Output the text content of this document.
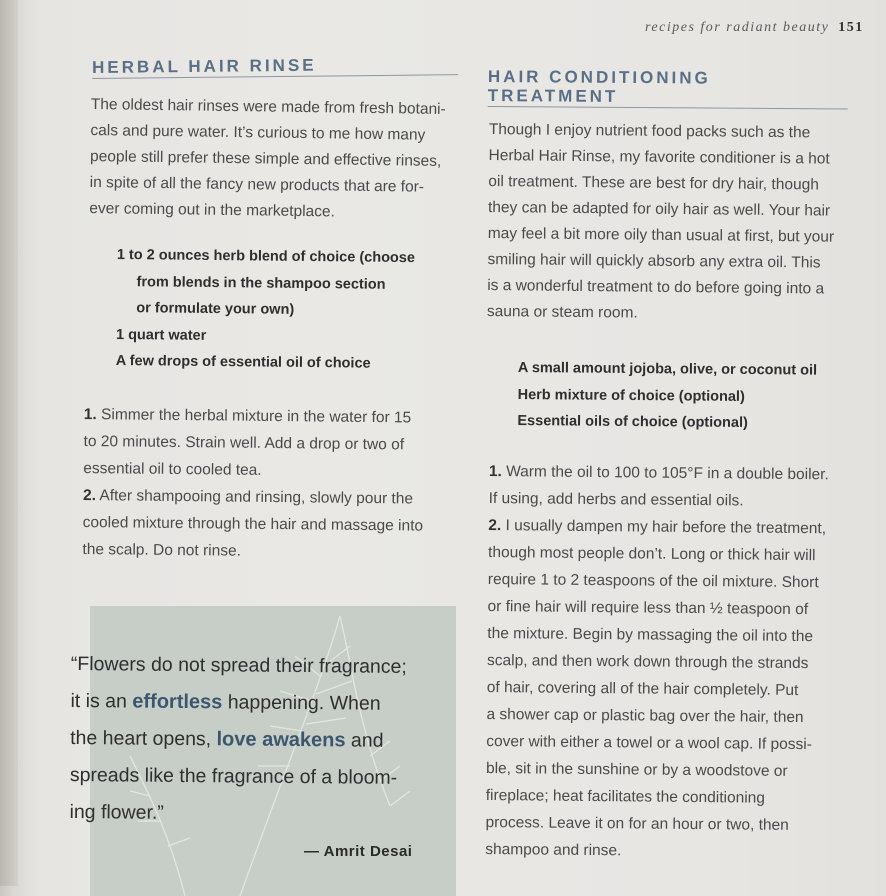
recipes for radiant beauty 151
HERBAL HAIR RINSE
The oldest hair rinses were made from fresh botani-
cals and pure water. It’s curious to me how many
people still prefer these simple and effective rinses,
in spite of all the fancy new products that are for-
ever coming out in the marketplace.
1 to 2 ounces herb blend of choice (choose
from blends in the shampoo section
or formulate your own)
1 quart water
A few drops of essential oil of choice
1. Simmer the herbal mixture in the water for 15
to 20 minutes. Strain well. Add a drop or two of
essential oil to cooled tea.
2. After shampooing and rinsing, slowly pour the
cooled mixture through the hair and massage into
the scalp. Do not rinse.
“Flowers do not spread their fragrance;
it is an effortless happening. When
the heart opens, love awakens and
spreads like the fragrance of a bloom-
ing flower.”
— Amrit Desai
HAIR CONDITIONING
TREATMENT
Though I enjoy nutrient food packs such as the
Herbal Hair Rinse, my favorite conditioner is a hot
oil treatment. These are best for dry hair, though
they can be adapted for oily hair as well. Your hair
may feel a bit more oily than usual at first, but your
smiling hair will quickly absorb any extra oil. This
is a wonderful treatment to do before going into a
sauna or steam room.
A small amount jojoba, olive, or coconut oil
Herb mixture of choice (optional)
Essential oils of choice (optional)
1. Warm the oil to 100 to 105°F in a double boiler.
If using, add herbs and essential oils.
2. I usually dampen my hair before the treatment,
though most people don’t. Long or thick hair will
require 1 to 2 teaspoons of the oil mixture. Short
or fine hair will require less than ½ teaspoon of
the mixture. Begin by massaging the oil into the
scalp, and then work down through the strands
of hair, covering all of the hair completely. Put
a shower cap or plastic bag over the hair, then
cover with either a towel or a wool cap. If possi-
ble, sit in the sunshine or by a woodstove or
fireplace; heat facilitates the conditioning
process. Leave it on for an hour or two, then
shampoo and rinse.
